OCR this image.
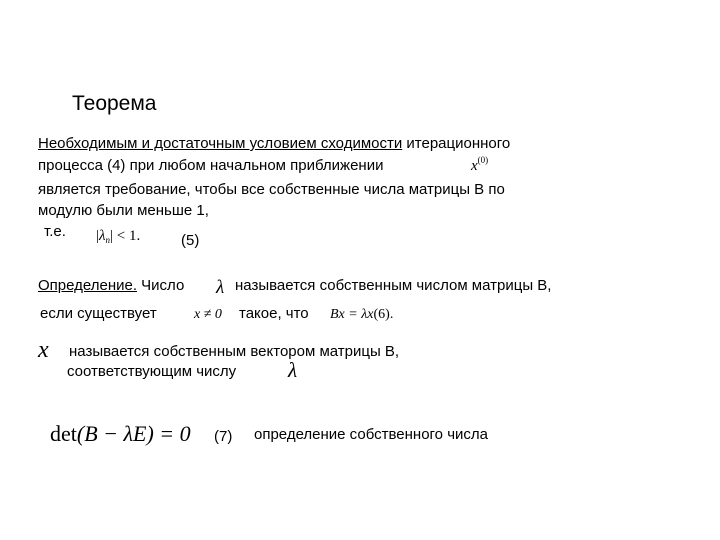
Теорема
Необходимым и достаточным условием сходимости итерационного
процесса (4) при любом начальном приближении	$x^{(0)}$
является требование, чтобы все собственные числа матрицы B по
модулю были меньше 1,
т.е. $|\lambda_n| < 1$.	(5)
Определение. Число λ называется собственным числом матрицы B,
если существует	x ≠ 0 такое, что Bx = λx(6).
x называется собственным вектором матрицы B,
соответствующим числу λ
det(B − λE) = 0 (7) определение собственного числа
